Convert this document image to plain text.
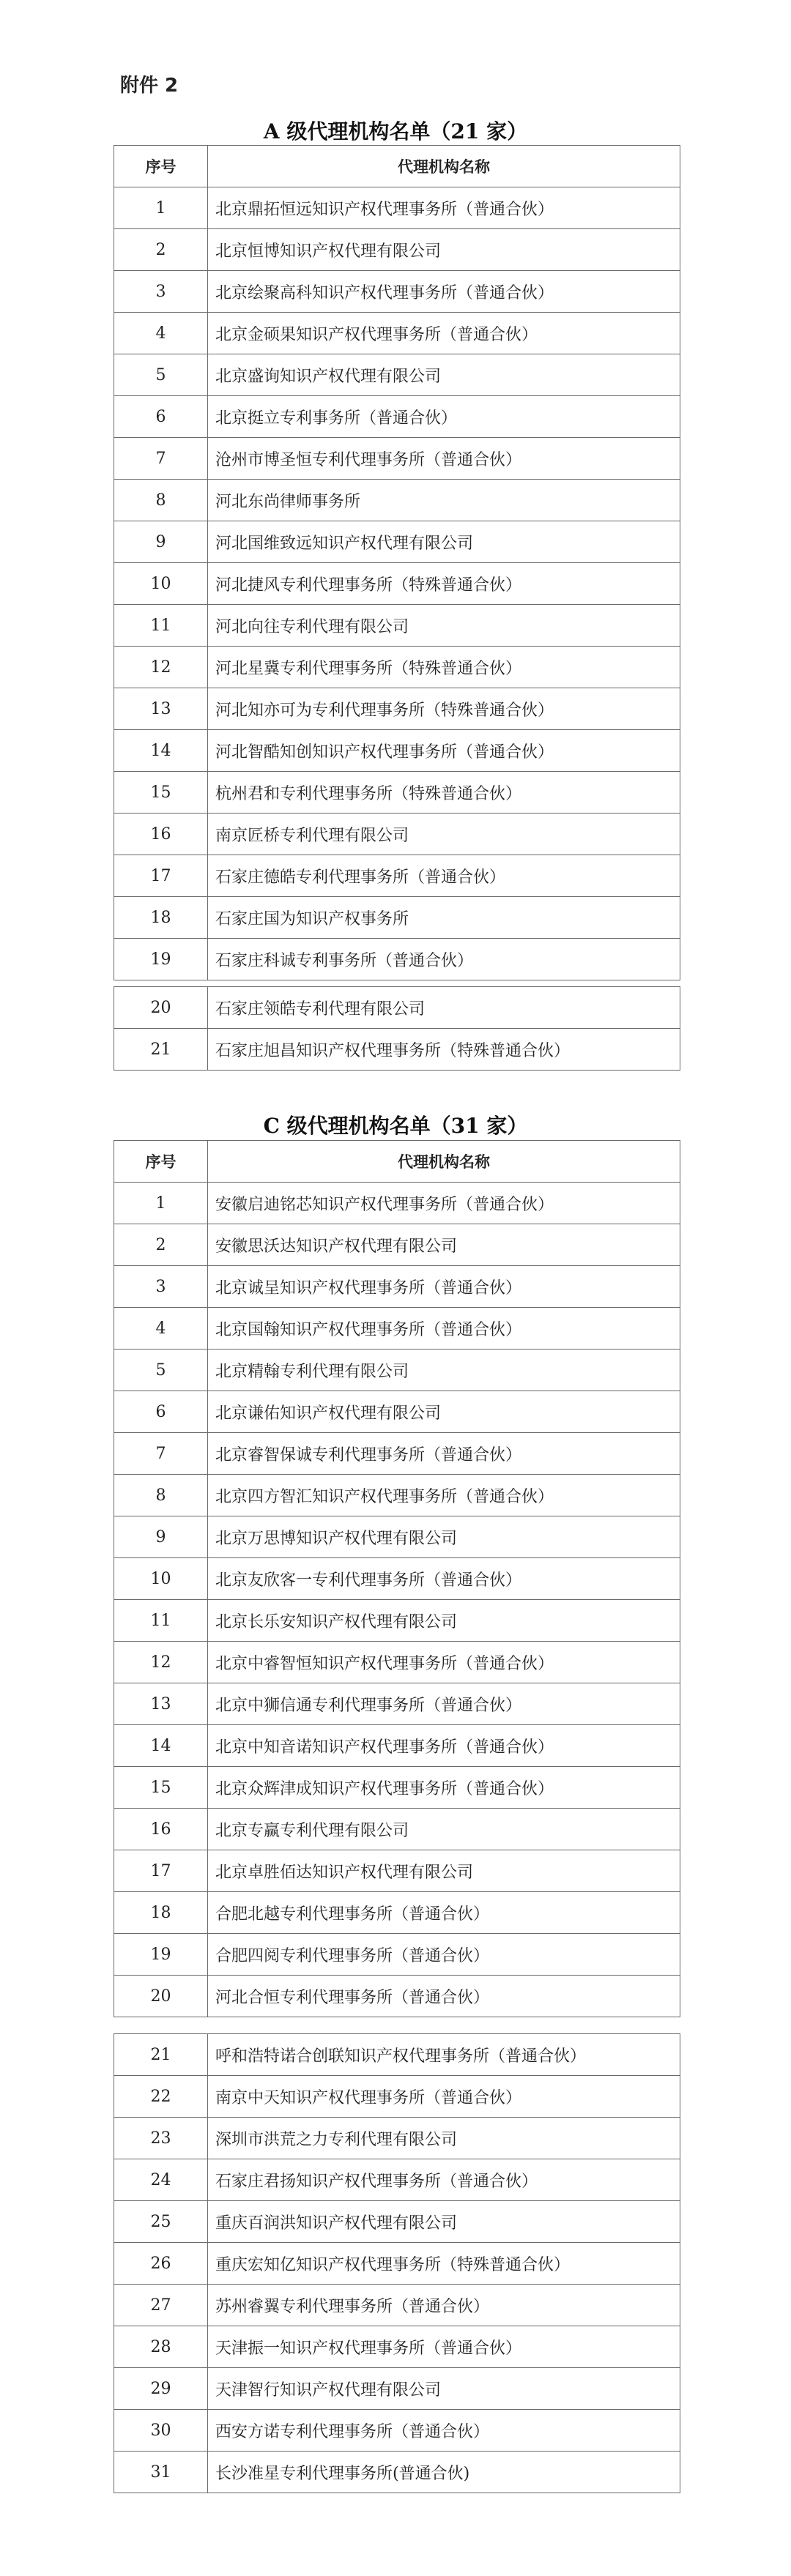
附件 2
A 级代理机构名单（21 家）
序号	代理机构名称
1	北京鼎拓恒远知识产权代理事务所（普通合伙）
2	北京恒博知识产权代理有限公司
3	北京绘聚高科知识产权代理事务所（普通合伙）
4	北京金硕果知识产权代理事务所（普通合伙）
5	北京盛询知识产权代理有限公司
6	北京挺立专利事务所（普通合伙）
7	沧州市博圣恒专利代理事务所（普通合伙）
8	河北东尚律师事务所
9	河北国维致远知识产权代理有限公司
10	河北捷风专利代理事务所（特殊普通合伙）
11	河北向往专利代理有限公司
12	河北星冀专利代理事务所（特殊普通合伙）
13	河北知亦可为专利代理事务所（特殊普通合伙）
14	河北智酷知创知识产权代理事务所（普通合伙）
15	杭州君和专利代理事务所（特殊普通合伙）
16	南京匠桥专利代理有限公司
17	石家庄德皓专利代理事务所（普通合伙）
18	石家庄国为知识产权事务所
19	石家庄科诚专利事务所（普通合伙）
20	石家庄领皓专利代理有限公司
21	石家庄旭昌知识产权代理事务所（特殊普通合伙）
C 级代理机构名单（31 家）
序号	代理机构名称
1	安徽启迪铭芯知识产权代理事务所（普通合伙）
2	安徽思沃达知识产权代理有限公司
3	北京诚呈知识产权代理事务所（普通合伙）
4	北京国翰知识产权代理事务所（普通合伙）
5	北京精翰专利代理有限公司
6	北京谦佑知识产权代理有限公司
7	北京睿智保诚专利代理事务所（普通合伙）
8	北京四方智汇知识产权代理事务所（普通合伙）
9	北京万思博知识产权代理有限公司
10	北京友欣客一专利代理事务所（普通合伙）
11	北京长乐安知识产权代理有限公司
12	北京中睿智恒知识产权代理事务所（普通合伙）
13	北京中狮信通专利代理事务所（普通合伙）
14	北京中知音诺知识产权代理事务所（普通合伙）
15	北京众辉津成知识产权代理事务所（普通合伙）
16	北京专赢专利代理有限公司
17	北京卓胜佰达知识产权代理有限公司
18	合肥北越专利代理事务所（普通合伙）
19	合肥四阅专利代理事务所（普通合伙）
20	河北合恒专利代理事务所（普通合伙）
21	呼和浩特诺合创联知识产权代理事务所（普通合伙）
22	南京中天知识产权代理事务所（普通合伙）
23	深圳市洪荒之力专利代理有限公司
24	石家庄君扬知识产权代理事务所（普通合伙）
25	重庆百润洪知识产权代理有限公司
26	重庆宏知亿知识产权代理事务所（特殊普通合伙）
27	苏州睿翼专利代理事务所（普通合伙）
28	天津振一知识产权代理事务所（普通合伙）
29	天津智行知识产权代理有限公司
30	西安方诺专利代理事务所（普通合伙）
31	长沙准星专利代理事务所(普通合伙)
